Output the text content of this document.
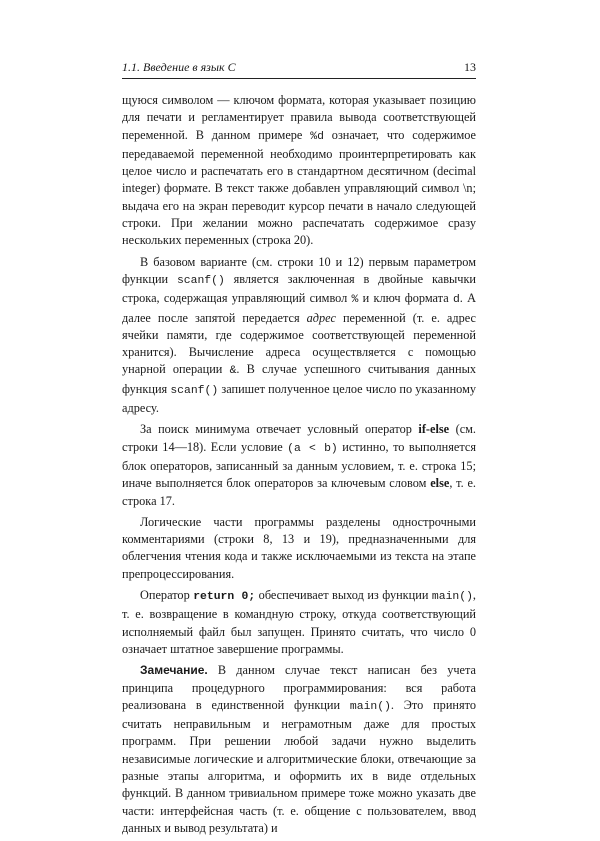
1.1. Введение в язык C	13

щуюся символом — ключом формата, которая указывает позицию для печати и регламентирует правила вывода соответствующей переменной. В данном примере %d означает, что содержимое передаваемой переменной необходимо проинтерпретировать как целое число и распечатать его в стандартном десятичном (decimal integer) формате. В текст также добавлен управляющий символ \n; выдача его на экран переводит курсор печати в начало следующей строки. При желании можно распечатать содержимое сразу нескольких переменных (строка 20).

В базовом варианте (см. строки 10 и 12) первым параметром функции scanf() является заключенная в двойные кавычки строка, содержащая управляющий символ % и ключ формата d. А далее после запятой передается адрес переменной (т. е. адрес ячейки памяти, где содержимое соответствующей переменной хранится). Вычисление адреса осуществляется с помощью унарной операции &. В случае успешного считывания данных функция scanf() запишет полученное целое число по указанному адресу.

За поиск минимума отвечает условный оператор if-else (см. строки 14—18). Если условие (a < b) истинно, то выполняется блок операторов, записанный за данным условием, т. е. строка 15; иначе выполняется блок операторов за ключевым словом else, т. е. строка 17.

Логические части программы разделены однострочными комментариями (строки 8, 13 и 19), предназначенными для облегчения чтения кода и также исключаемыми из текста на этапе препроцессирования.

Оператор return 0; обеспечивает выход из функции main(), т. е. возвращение в командную строку, откуда соответствующий исполняемый файл был запущен. Принято считать, что число 0 означает штатное завершение программы.

Замечание. В данном случае текст написан без учета принципа процедурного программирования: вся работа реализована в единственной функции main(). Это принято считать неправильным и неграмотным даже для простых программ. При решении любой задачи нужно выделить независимые логические и алгоритмические блоки, отвечающие за разные этапы алгоритма, и оформить их в виде отдельных функций. В данном тривиальном примере тоже можно указать две части: интерфейсная часть (т. е. общение с пользователем, ввод данных и вывод результата) и
